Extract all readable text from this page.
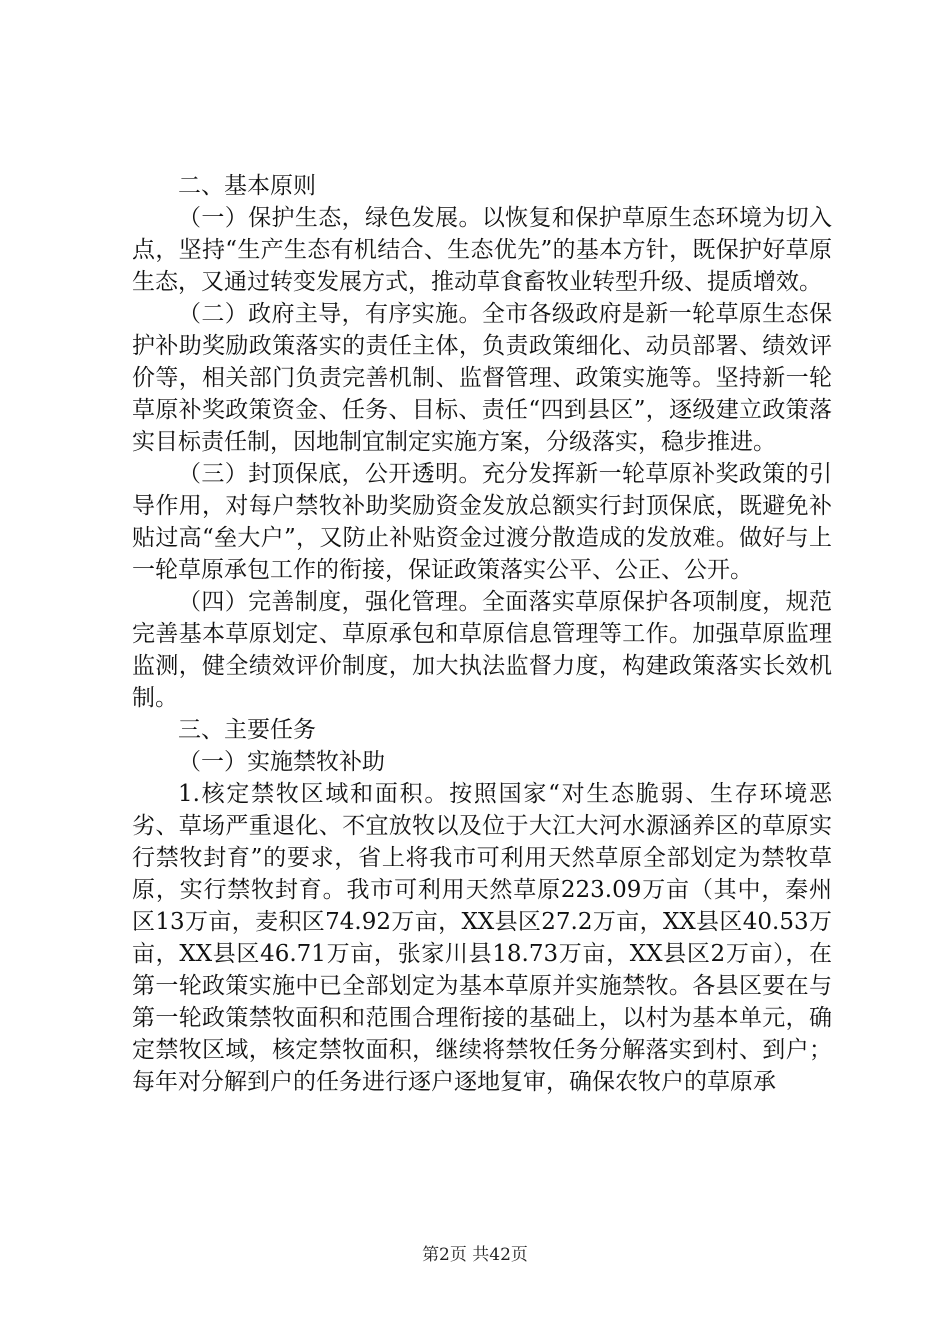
二、基本原则

（一）保护生态，绿色发展。以恢复和保护草原生态环境为切入点，坚持“生产生态有机结合、生态优先”的基本方针，既保护好草原生态，又通过转变发展方式，推动草食畜牧业转型升级、提质增效。

（二）政府主导，有序实施。全市各级政府是新一轮草原生态保护补助奖励政策落实的责任主体，负责政策细化、动员部署、绩效评价等，相关部门负责完善机制、监督管理、政策实施等。坚持新一轮草原补奖政策资金、任务、目标、责任“四到县区”，逐级建立政策落实目标责任制，因地制宜制定实施方案，分级落实，稳步推进。

（三）封顶保底，公开透明。充分发挥新一轮草原补奖政策的引导作用，对每户禁牧补助奖励资金发放总额实行封顶保底，既避免补贴过高“垒大户”，又防止补贴资金过渡分散造成的发放难。做好与上一轮草原承包工作的衔接，保证政策落实公平、公正、公开。

（四）完善制度，强化管理。全面落实草原保护各项制度，规范完善基本草原划定、草原承包和草原信息管理等工作。加强草原监理监测，健全绩效评价制度，加大执法监督力度，构建政策落实长效机制。

三、主要任务

（一）实施禁牧补助

1.核定禁牧区域和面积。按照国家“对生态脆弱、生存环境恶劣、草场严重退化、不宜放牧以及位于大江大河水源涵养区的草原实行禁牧封育”的要求，省上将我市可利用天然草原全部划定为禁牧草原，实行禁牧封育。我市可利用天然草原223.09万亩（其中，秦州区13万亩，麦积区74.92万亩，XX县区27.2万亩，XX县区40.53万亩，XX县区46.71万亩，张家川县18.73万亩，XX县区2万亩），在第一轮政策实施中已全部划定为基本草原并实施禁牧。各县区要在与第一轮政策禁牧面积和范围合理衔接的基础上，以村为基本单元，确定禁牧区域，核定禁牧面积，继续将禁牧任务分解落实到村、到户；每年对分解到户的任务进行逐户逐地复审，确保农牧户的草原承

第2页 共42页
